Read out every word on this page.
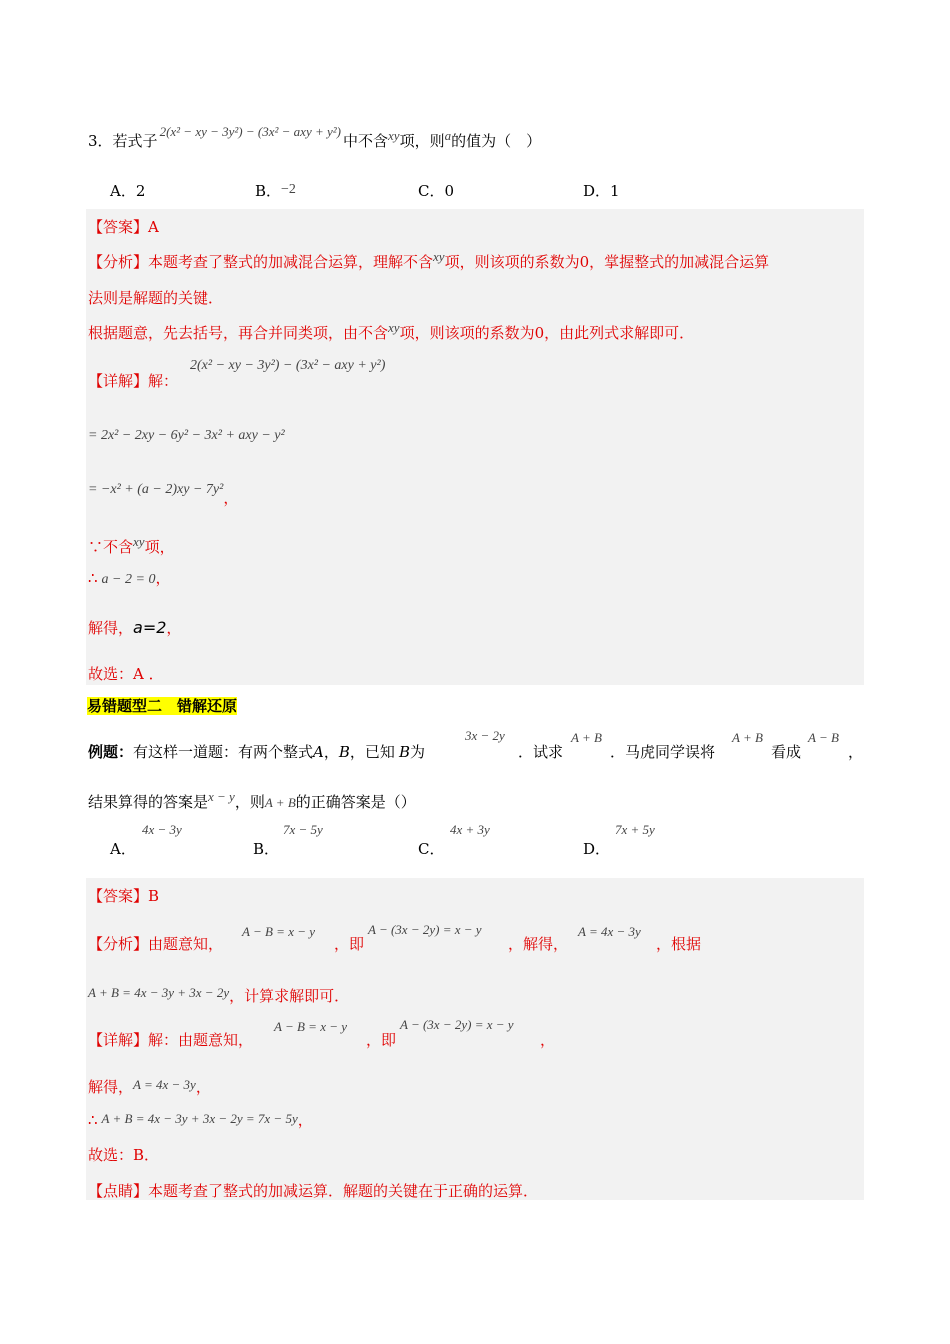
3．若式子2(x² − xy − 3y²) − (3x² − axy + y²)中不含xy项，则a的值为（　）
A．2	B．−2	C．0	D．1
【答案】A
【分析】本题考查了整式的加减混合运算，理解不含xy项，则该项的系数为0，掌握整式的加减混合运算
法则是解题的关键．
根据题意，先去括号，再合并同类项，由不含xy项，则该项的系数为0，由此列式求解即可．
【详解】解：
2(x² − xy − 3y²) − (3x² − axy + y²)
= 2x² − 2xy − 6y² − 3x² + axy − y²
= −x² + (a − 2)xy − 7y²，
∵不含xy项，
∴ a − 2 = 0，
解得，a=2，
故选：A ．
易错题型二　错解还原
例题：有这样一道题：有两个整式A，B，已知 B为
3x − 2y
．试求
A + B
．马虎同学误将
A + B
看成
A − B
，
结果算得的答案是x − y，则A + B的正确答案是（）
A．
4x − 3y
B．
7x − 5y
C．
4x + 3y
D．
7x + 5y
【答案】B
【分析】由题意知，
A − B = x − y
，即
A − (3x − 2y) = x − y
，解得，
A = 4x − 3y
，根据
A + B = 4x − 3y + 3x − 2y，计算求解即可．
【详解】解：由题意知，
A − B = x − y
，即
A − (3x − 2y) = x − y
，
解得，A = 4x − 3y，
∴ A + B = 4x − 3y + 3x − 2y = 7x − 5y，
故选：B．
【点睛】本题考查了整式的加减运算．解题的关键在于正确的运算．
